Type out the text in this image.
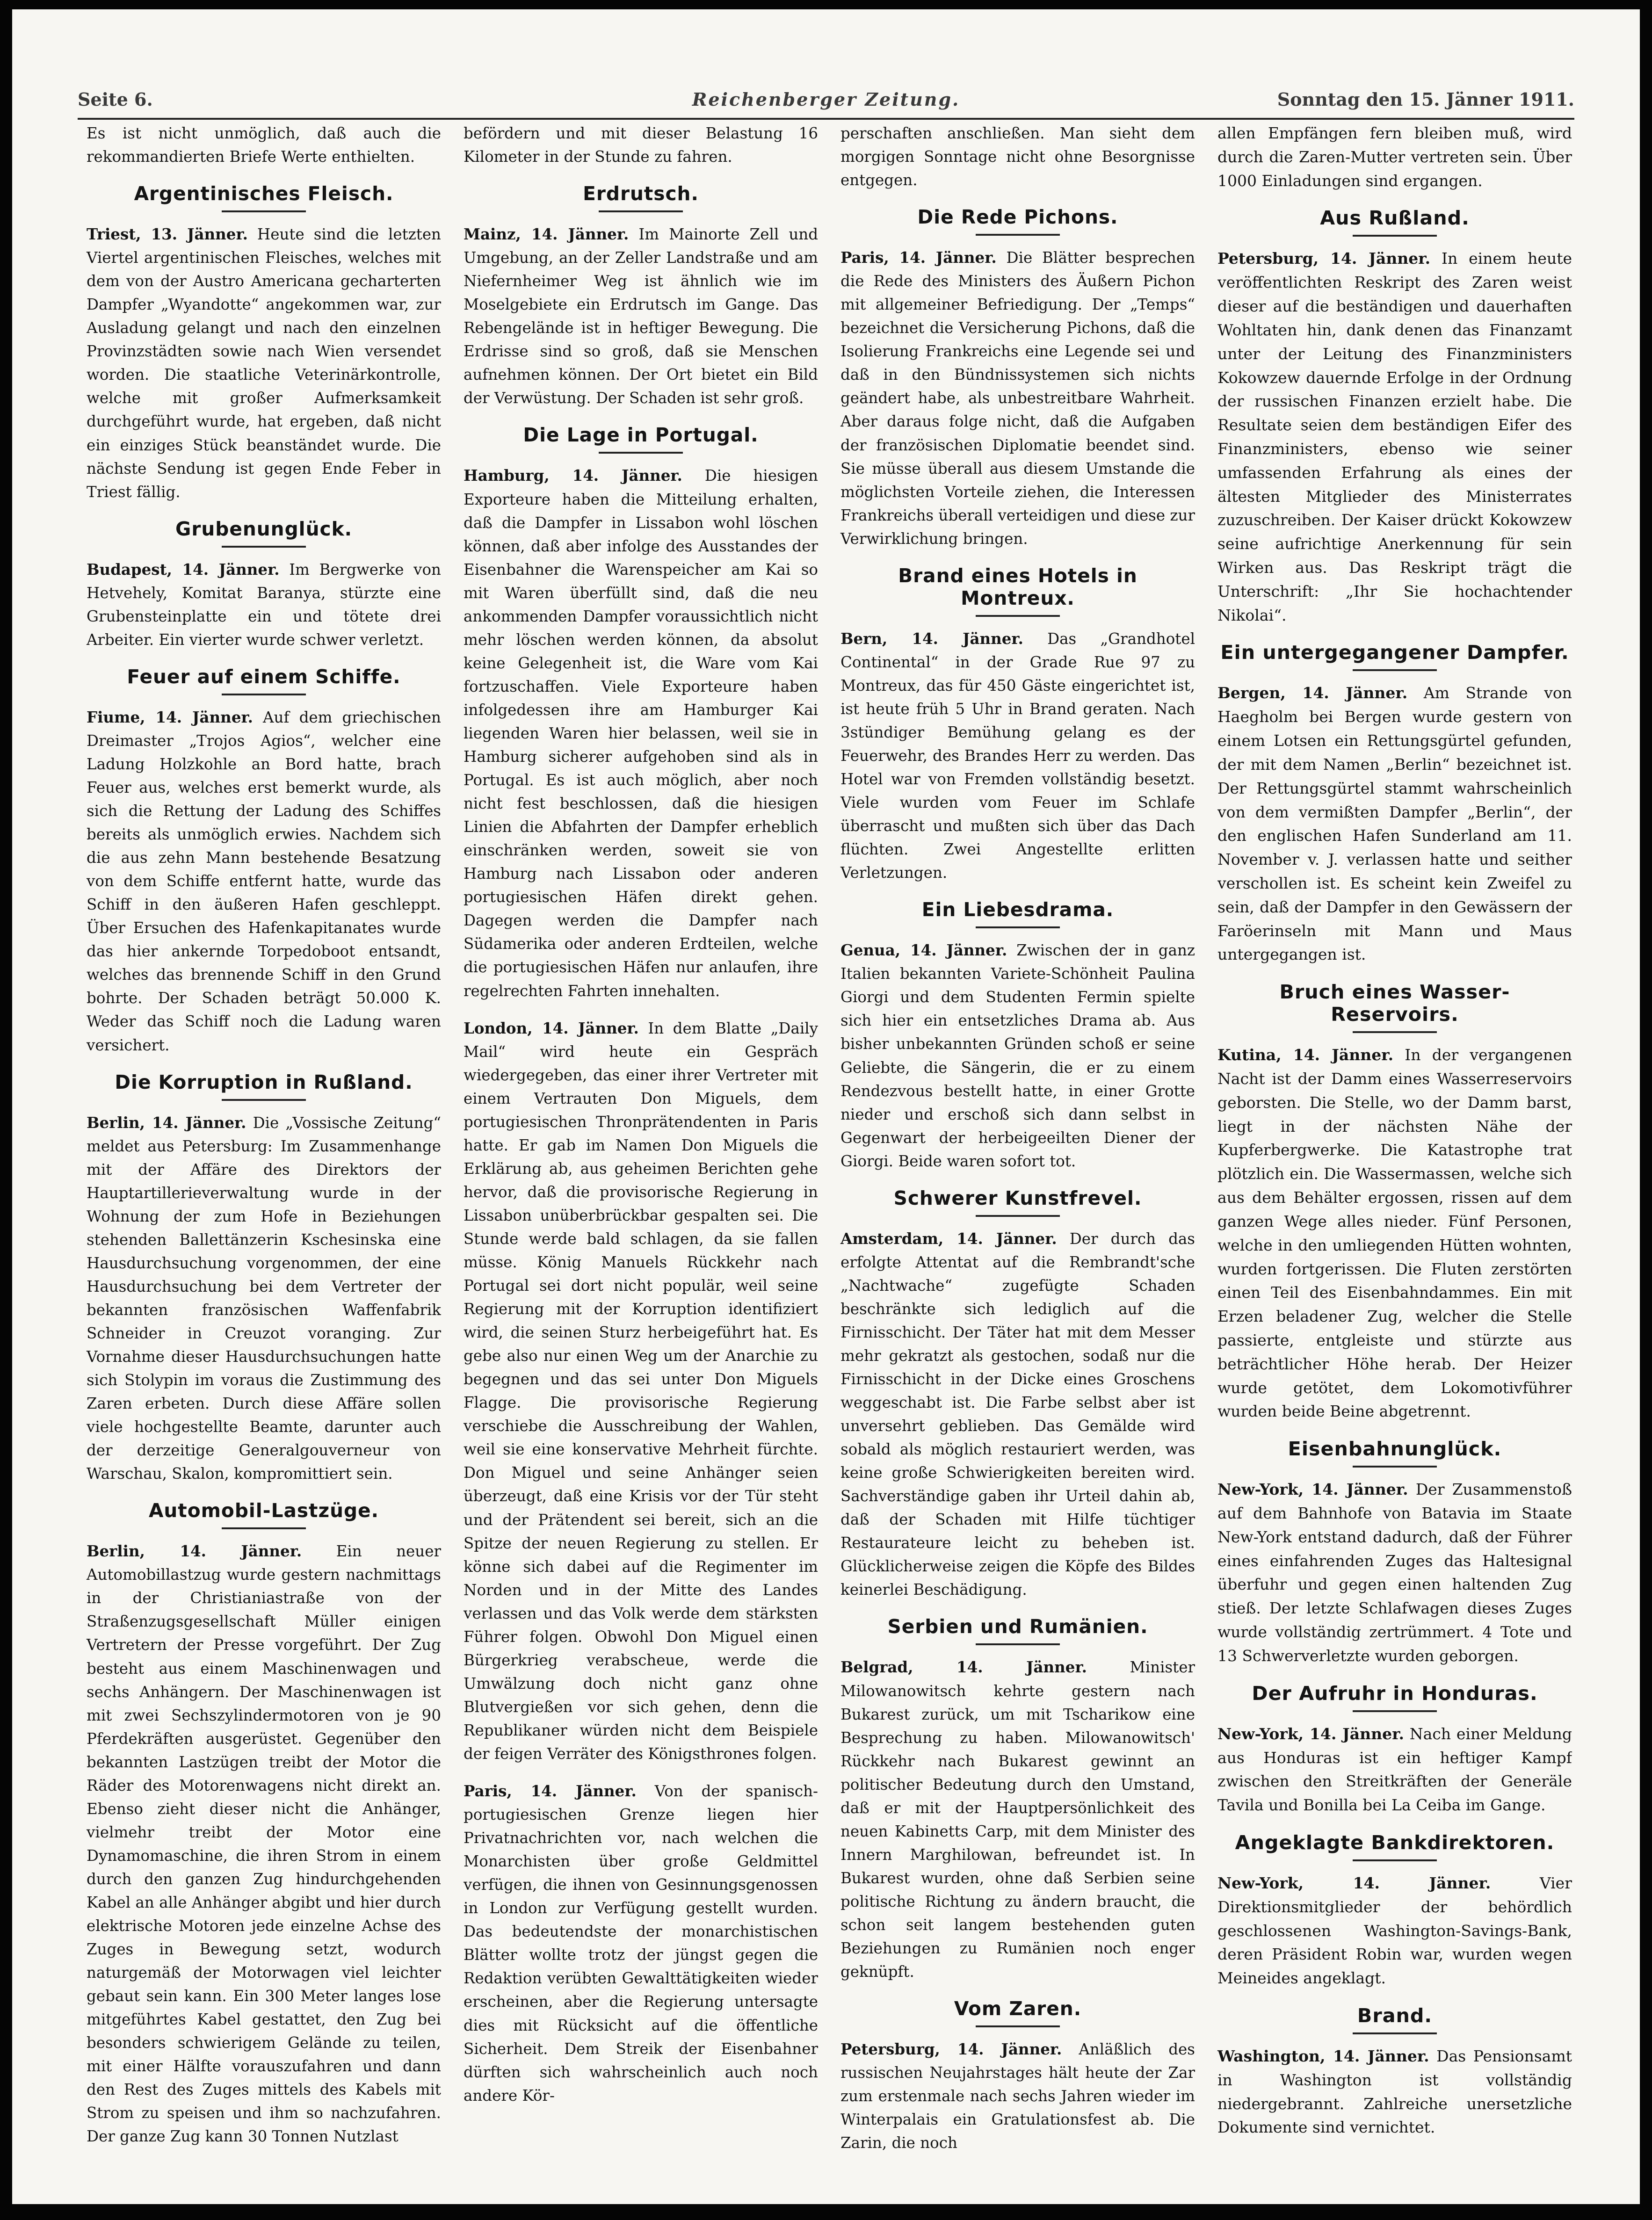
Seite 6.	Reichenberger Zeitung.	Sonntag den 15. Jänner 1911.

Es ist nicht unmöglich, daß auch die rekommandierten Briefe Werte enthielten.

Argentinisches Fleisch.

Triest, 13. Jänner. Heute sind die letzten Viertel argentinischen Fleisches, welches mit dem von der Austro Americana gecharterten Dampfer „Wyandotte“ angekommen war, zur Ausladung gelangt und nach den einzelnen Provinzstädten sowie nach Wien versendet worden. Die staatliche Veterinärkontrolle, welche mit großer Aufmerksamkeit durchgeführt wurde, hat ergeben, daß nicht ein einziges Stück beanständet wurde. Die nächste Sendung ist gegen Ende Feber in Triest fällig.

Grubenunglück.

Budapest, 14. Jänner. Im Bergwerke von Hetvehely, Komitat Baranya, stürzte eine Grubensteinplatte ein und tötete drei Arbeiter. Ein vierter wurde schwer verletzt.

Feuer auf einem Schiffe.

Fiume, 14. Jänner. Auf dem griechischen Dreimaster „Trojos Agios“, welcher eine Ladung Holzkohle an Bord hatte, brach Feuer aus, welches erst bemerkt wurde, als sich die Rettung der Ladung des Schiffes bereits als unmöglich erwies. Nachdem sich die aus zehn Mann bestehende Besatzung von dem Schiffe entfernt hatte, wurde das Schiff in den äußeren Hafen geschleppt. Über Ersuchen des Hafenkapitanates wurde das hier ankernde Torpedoboot entsandt, welches das brennende Schiff in den Grund bohrte. Der Schaden beträgt 50.000 K. Weder das Schiff noch die Ladung waren versichert.

Die Korruption in Rußland.

Berlin, 14. Jänner. Die „Vossische Zeitung“ meldet aus Petersburg: Im Zusammenhange mit der Affäre des Direktors der Hauptartillerieverwaltung wurde in der Wohnung der zum Hofe in Beziehungen stehenden Ballettänzerin Kschesinska eine Hausdurchsuchung vorgenommen, der eine Hausdurchsuchung bei dem Vertreter der bekannten französischen Waffenfabrik Schneider in Creuzot voranging. Zur Vornahme dieser Hausdurchsuchungen hatte sich Stolypin im voraus die Zustimmung des Zaren erbeten. Durch diese Affäre sollen viele hochgestellte Beamte, darunter auch der derzeitige Generalgouverneur von Warschau, Skalon, kompromittiert sein.

Automobil-Lastzüge.

Berlin, 14. Jänner. Ein neuer Automobillastzug wurde gestern nachmittags in der Christianiastraße von der Straßenzugsgesellschaft Müller einigen Vertretern der Presse vorgeführt. Der Zug besteht aus einem Maschinenwagen und sechs Anhängern. Der Maschinenwagen ist mit zwei Sechszylindermotoren von je 90 Pferdekräften ausgerüstet. Gegenüber den bekannten Lastzügen treibt der Motor die Räder des Motorenwagens nicht direkt an. Ebenso zieht dieser nicht die Anhänger, vielmehr treibt der Motor eine Dynamomaschine, die ihren Strom in einem durch den ganzen Zug hindurchgehenden Kabel an alle Anhänger abgibt und hier durch elektrische Motoren jede einzelne Achse des Zuges in Bewegung setzt, wodurch naturgemäß der Motorwagen viel leichter gebaut sein kann. Ein 300 Meter langes lose mitgeführtes Kabel gestattet, den Zug bei besonders schwierigem Gelände zu teilen, mit einer Hälfte vorauszufahren und dann den Rest des Zuges mittels des Kabels mit Strom zu speisen und ihm so nachzufahren. Der ganze Zug kann 30 Tonnen Nutzlast

befördern und mit dieser Belastung 16 Kilometer in der Stunde zu fahren.

Erdrutsch.

Mainz, 14. Jänner. Im Mainorte Zell und Umgebung, an der Zeller Landstraße und am Niefernheimer Weg ist ähnlich wie im Moselgebiete ein Erdrutsch im Gange. Das Rebengelände ist in heftiger Bewegung. Die Erdrisse sind so groß, daß sie Menschen aufnehmen können. Der Ort bietet ein Bild der Verwüstung. Der Schaden ist sehr groß.

Die Lage in Portugal.

Hamburg, 14. Jänner. Die hiesigen Exporteure haben die Mitteilung erhalten, daß die Dampfer in Lissabon wohl löschen können, daß aber infolge des Ausstandes der Eisenbahner die Warenspeicher am Kai so mit Waren überfüllt sind, daß die neu ankommenden Dampfer voraussichtlich nicht mehr löschen werden können, da absolut keine Gelegenheit ist, die Ware vom Kai fortzuschaffen. Viele Exporteure haben infolgedessen ihre am Hamburger Kai liegenden Waren hier belassen, weil sie in Hamburg sicherer aufgehoben sind als in Portugal. Es ist auch möglich, aber noch nicht fest beschlossen, daß die hiesigen Linien die Abfahrten der Dampfer erheblich einschränken werden, soweit sie von Hamburg nach Lissabon oder anderen portugiesischen Häfen direkt gehen. Dagegen werden die Dampfer nach Südamerika oder anderen Erdteilen, welche die portugiesischen Häfen nur anlaufen, ihre regelrechten Fahrten innehalten.

London, 14. Jänner. In dem Blatte „Daily Mail“ wird heute ein Gespräch wiedergegeben, das einer ihrer Vertreter mit einem Vertrauten Don Miguels, dem portugiesischen Thronprätendenten in Paris hatte. Er gab im Namen Don Miguels die Erklärung ab, aus geheimen Berichten gehe hervor, daß die provisorische Regierung in Lissabon unüberbrückbar gespalten sei. Die Stunde werde bald schlagen, da sie fallen müsse. König Manuels Rückkehr nach Portugal sei dort nicht populär, weil seine Regierung mit der Korruption identifiziert wird, die seinen Sturz herbeigeführt hat. Es gebe also nur einen Weg um der Anarchie zu begegnen und das sei unter Don Miguels Flagge. Die provisorische Regierung verschiebe die Ausschreibung der Wahlen, weil sie eine konservative Mehrheit fürchte. Don Miguel und seine Anhänger seien überzeugt, daß eine Krisis vor der Tür steht und der Prätendent sei bereit, sich an die Spitze der neuen Regierung zu stellen. Er könne sich dabei auf die Regimenter im Norden und in der Mitte des Landes verlassen und das Volk werde dem stärksten Führer folgen. Obwohl Don Miguel einen Bürgerkrieg verabscheue, werde die Umwälzung doch nicht ganz ohne Blutvergießen vor sich gehen, denn die Republikaner würden nicht dem Beispiele der feigen Verräter des Königsthrones folgen.

Paris, 14. Jänner. Von der spanisch-portugiesischen Grenze liegen hier Privatnachrichten vor, nach welchen die Monarchisten über große Geldmittel verfügen, die ihnen von Gesinnungsgenossen in London zur Verfügung gestellt wurden. Das bedeutendste der monarchistischen Blätter wollte trotz der jüngst gegen die Redaktion verübten Gewalttätigkeiten wieder erscheinen, aber die Regierung untersagte dies mit Rücksicht auf die öffentliche Sicherheit. Dem Streik der Eisenbahner dürften sich wahrscheinlich auch noch andere Kör-

perschaften anschließen. Man sieht dem morgigen Sonntage nicht ohne Besorgnisse entgegen.

Die Rede Pichons.

Paris, 14. Jänner. Die Blätter besprechen die Rede des Ministers des Äußern Pichon mit allgemeiner Befriedigung. Der „Temps“ bezeichnet die Versicherung Pichons, daß die Isolierung Frankreichs eine Legende sei und daß in den Bündnissystemen sich nichts geändert habe, als unbestreitbare Wahrheit. Aber daraus folge nicht, daß die Aufgaben der französischen Diplomatie beendet sind. Sie müsse überall aus diesem Umstande die möglichsten Vorteile ziehen, die Interessen Frankreichs überall verteidigen und diese zur Verwirklichung bringen.

Brand eines Hotels in Montreux.

Bern, 14. Jänner. Das „Grandhotel Continental“ in der Grade Rue 97 zu Montreux, das für 450 Gäste eingerichtet ist, ist heute früh 5 Uhr in Brand geraten. Nach 3stündiger Bemühung gelang es der Feuerwehr, des Brandes Herr zu werden. Das Hotel war von Fremden vollständig besetzt. Viele wurden vom Feuer im Schlafe überrascht und mußten sich über das Dach flüchten. Zwei Angestellte erlitten Verletzungen.

Ein Liebesdrama.

Genua, 14. Jänner. Zwischen der in ganz Italien bekannten Variete-Schönheit Paulina Giorgi und dem Studenten Fermin spielte sich hier ein entsetzliches Drama ab. Aus bisher unbekannten Gründen schoß er seine Geliebte, die Sängerin, die er zu einem Rendezvous bestellt hatte, in einer Grotte nieder und erschoß sich dann selbst in Gegenwart der herbeigeeilten Diener der Giorgi. Beide waren sofort tot.

Schwerer Kunstfrevel.

Amsterdam, 14. Jänner. Der durch das erfolgte Attentat auf die Rembrandt'sche „Nachtwache“ zugefügte Schaden beschränkte sich lediglich auf die Firnisschicht. Der Täter hat mit dem Messer mehr gekratzt als gestochen, sodaß nur die Firnisschicht in der Dicke eines Groschens weggeschabt ist. Die Farbe selbst aber ist unversehrt geblieben. Das Gemälde wird sobald als möglich restauriert werden, was keine große Schwierigkeiten bereiten wird. Sachverständige gaben ihr Urteil dahin ab, daß der Schaden mit Hilfe tüchtiger Restaurateure leicht zu beheben ist. Glücklicherweise zeigen die Köpfe des Bildes keinerlei Beschädigung.

Serbien und Rumänien.

Belgrad, 14. Jänner.	Minister Milowanowitsch kehrte gestern nach Bukarest zurück, um mit Tscharikow eine Besprechung zu haben. Milowanowitsch' Rückkehr nach Bukarest gewinnt an politischer Bedeutung durch den Umstand, daß er mit der Hauptpersönlichkeit des neuen Kabinetts Carp, mit dem Minister des Innern Marghilowan, befreundet ist. In Bukarest wurden, ohne daß Serbien seine politische Richtung zu ändern braucht, die schon seit langem bestehenden guten Beziehungen zu Rumänien noch enger geknüpft.

Vom Zaren.

Petersburg, 14. Jänner. Anläßlich des russischen Neujahrstages hält heute der Zar zum erstenmale nach sechs Jahren wieder im Winterpalais ein Gratulationsfest ab. Die Zarin, die noch

allen Empfängen fern bleiben muß, wird durch die Zaren-Mutter vertreten sein. Über 1000 Einladungen sind ergangen.

Aus Rußland.

Petersburg, 14. Jänner. In einem heute veröffentlichten Reskript des Zaren weist dieser auf die beständigen und dauerhaften Wohltaten hin, dank denen das Finanzamt unter der Leitung des Finanzministers Kokowzew dauernde Erfolge in der Ordnung der russischen Finanzen erzielt habe. Die Resultate seien dem beständigen Eifer des Finanzministers, ebenso wie seiner umfassenden Erfahrung als eines der ältesten Mitglieder des Ministerrates zuzuschreiben. Der Kaiser drückt Kokowzew seine aufrichtige Anerkennung für sein Wirken aus. Das Reskript trägt die Unterschrift: „Ihr Sie hochachtender Nikolai“.

Ein untergegangener Dampfer.

Bergen, 14. Jänner. Am Strande von Haegholm bei Bergen wurde gestern von einem Lotsen ein Rettungsgürtel gefunden, der mit dem Namen „Berlin“ bezeichnet ist. Der Rettungsgürtel stammt wahrscheinlich von dem vermißten Dampfer „Berlin“, der den englischen Hafen Sunderland am 11. November v. J. verlassen hatte und seither verschollen ist. Es scheint kein Zweifel zu sein, daß der Dampfer in den Gewässern der Faröerinseln mit Mann und Maus untergegangen ist.

Bruch eines Wasser-Reservoirs.

Kutina, 14. Jänner. In der vergangenen Nacht ist der Damm eines Wasserreservoirs geborsten. Die Stelle, wo der Damm barst, liegt in der nächsten Nähe der Kupferbergwerke. Die Katastrophe trat plötzlich ein. Die Wassermassen, welche sich aus dem Behälter ergossen, rissen auf dem ganzen Wege alles nieder. Fünf Personen, welche in den umliegenden Hütten wohnten, wurden fortgerissen. Die Fluten zerstörten einen Teil des Eisenbahndammes. Ein mit Erzen beladener Zug, welcher die Stelle passierte, entgleiste und stürzte aus beträchtlicher Höhe herab. Der Heizer wurde getötet, dem Lokomotivführer wurden beide Beine abgetrennt.

Eisenbahnunglück.

New-York, 14. Jänner. Der Zusammenstoß auf dem Bahnhofe von Batavia im Staate New-York entstand dadurch, daß der Führer eines einfahrenden Zuges das Haltesignal überfuhr und gegen einen haltenden Zug stieß. Der letzte Schlafwagen dieses Zuges wurde vollständig zertrümmert. 4 Tote und 13 Schwerverletzte wurden geborgen.

Der Aufruhr in Honduras.

New-York, 14. Jänner. Nach einer Meldung aus Honduras ist ein heftiger Kampf zwischen den Streitkräften der Generäle Tavila und Bonilla bei La Ceiba im Gange.

Angeklagte Bankdirektoren.

New-York, 14. Jänner.	Vier Direktionsmitglieder der behördlich geschlossenen Washington-Savings-Bank, deren Präsident Robin war, wurden wegen Meineides angeklagt.

Brand.

Washington, 14. Jänner. Das Pensionsamt in Washington ist vollständig niedergebrannt. Zahlreiche unersetzliche Dokumente sind vernichtet.
